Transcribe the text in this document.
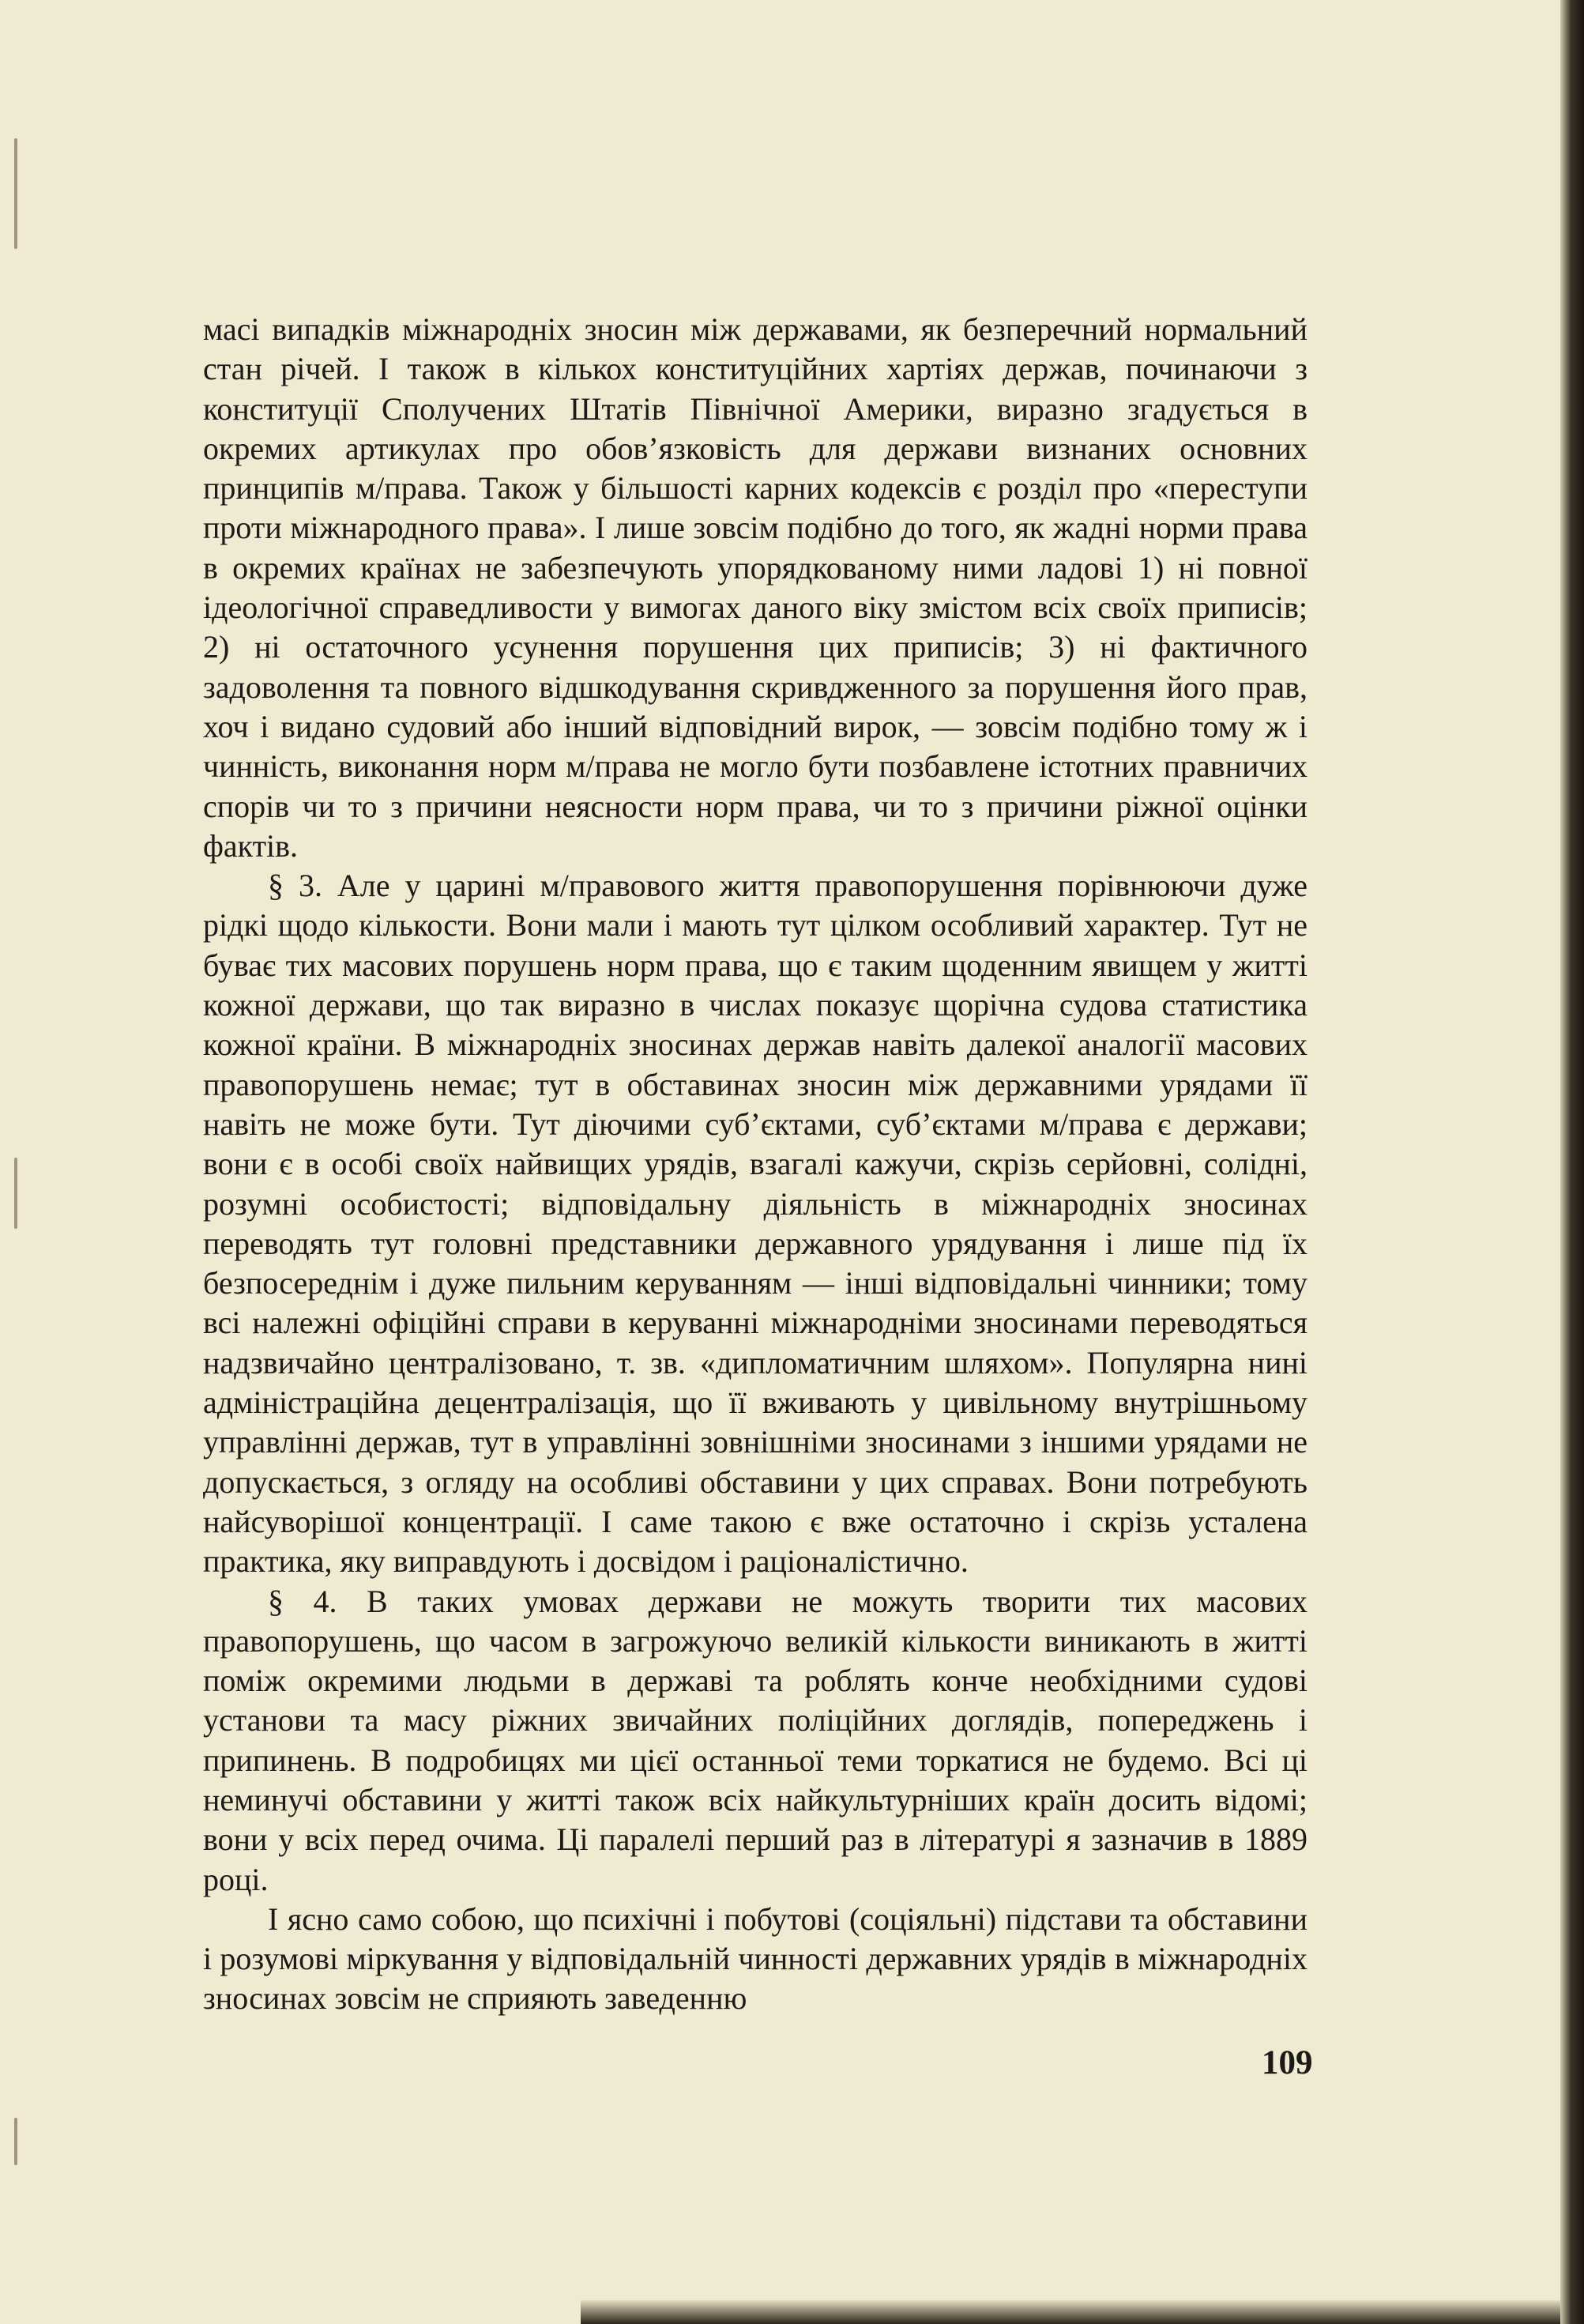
масі випадків міжнародніх зносин між державами, як безперечний нормальний стан річей. І також в кількох конституційних хартіях держав, починаючи з конституції Сполучених Штатів Північної Америки, виразно згадується в окремих артикулах про обов’язковість для держави визнаних основних принципів м/права. Також у більшості карних кодексів є розділ про «переступи проти міжнародного права». І лише зовсім подібно до того, як жадні норми права в окремих країнах не забезпечують упорядкованому ними ладові 1) ні повної ідеологічної справедливости у вимогах даного віку змістом всіх своїх приписів; 2) ні остаточного усунення порушення цих приписів; 3) ні фактичного задоволення та повного відшкодування скривдженного за порушення його прав, хоч і видано судовий або інший відповідний вирок, — зовсім подібно тому ж і чинність, виконання норм м/права не могло бути позбавлене істотних правничих спорів чи то з причини неясности норм права, чи то з причини ріжної оцінки фактів.

§ 3. Але у царині м/правового життя правопорушення порівнюючи дуже рідкі щодо кількости. Вони мали і мають тут цілком особливий характер. Тут не буває тих масових порушень норм права, що є таким щоденним явищем у житті кожної держави, що так виразно в числах показує щорічна судова статистика кожної країни. В міжнародніх зносинах держав навіть далекої аналогії масових правопорушень немає; тут в обставинах зносин між державними урядами її навіть не може бути. Тут діючими суб’єктами, суб’єктами м/права є держави; вони є в особі своїх найвищих урядів, взагалі кажучи, скрізь серйовні, солідні, розумні особистості; відповідальну діяльність в міжнародніх зносинах переводять тут головні представники державного урядування і лише під їх безпосереднім і дуже пильним керуванням — інші відповідальні чинники; тому всі належні офіційні справи в керуванні міжнародніми зносинами переводяться надзвичайно централізовано, т. зв. «дипломатичним шляхом». Популярна нині адміністраційна децентралізація, що її вживають у цивільному внутрішньому управлінні держав, тут в управлінні зовнішніми зносинами з іншими урядами не допускається, з огляду на особливі обставини у цих справах. Вони потребують найсуворішої концентрації. І саме такою є вже остаточно і скрізь усталена практика, яку виправдують і досвідом і раціоналістично.

§ 4. В таких умовах держави не можуть творити тих масових правопорушень, що часом в загрожуючо великій кількости виникають в житті поміж окремими людьми в державі та роблять конче необхідними судові установи та масу ріжних звичайних поліційних доглядів, попереджень і припинень. В подробицях ми цієї останньої теми торкатися не будемо. Всі ці неминучі обставини у житті також всіх найкультурніших країн досить відомі; вони у всіх перед очима. Ці паралелі перший раз в літературі я зазначив в 1889 році.

І ясно само собою, що психічні і побутові (соціяльні) підстави та обставини і розумові міркування у відповідальній чинності державних урядів в міжнародніх зносинах зовсім не сприяють заведенню

109
